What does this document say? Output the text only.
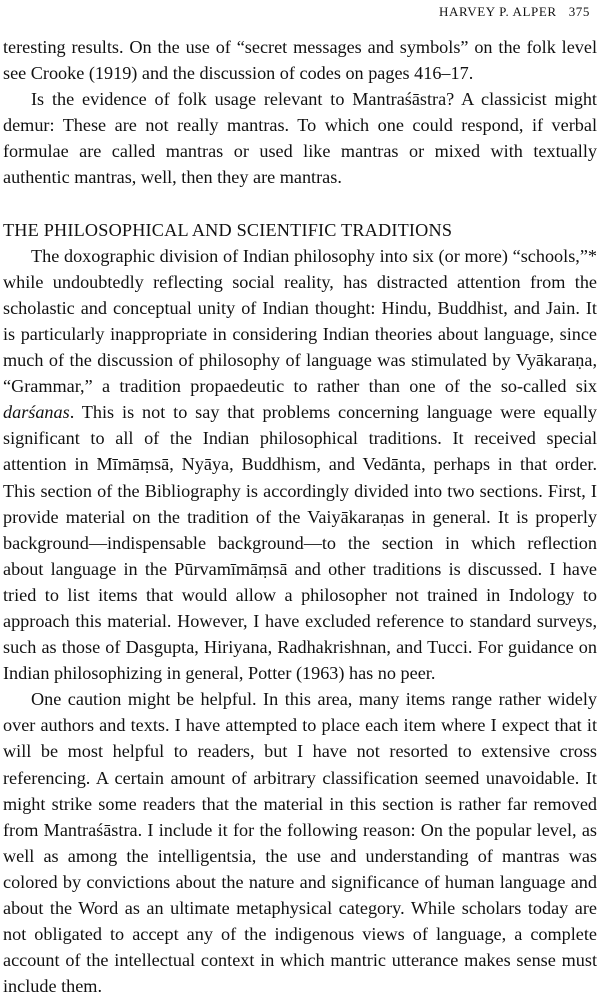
HARVEY P. ALPER 375

teresting results. On the use of “secret messages and symbols” on the folk level see Crooke (1919) and the discussion of codes on pages 416–17.

Is the evidence of folk usage relevant to Mantraśāstra? A classicist might demur: These are not really mantras. To which one could respond, if verbal formulae are called mantras or used like mantras or mixed with textually authentic mantras, well, then they are mantras.

THE PHILOSOPHICAL AND SCIENTIFIC TRADITIONS

The doxographic division of Indian philosophy into six (or more) “schools,”* while undoubtedly reflecting social reality, has distracted attention from the scholastic and conceptual unity of Indian thought: Hindu, Buddhist, and Jain. It is particularly inappropriate in considering Indian theories about language, since much of the discussion of philosophy of language was stimulated by Vyākaraṇa, “Grammar,” a tradition propaedeutic to rather than one of the so-called six darśanas. This is not to say that problems concerning language were equally significant to all of the Indian philosophical traditions. It received special attention in Mīmāṃsā, Nyāya, Buddhism, and Vedānta, perhaps in that order. This section of the Bibliography is accordingly divided into two sections. First, I provide material on the tradition of the Vaiyākaraṇas in general. It is properly background—indispensable background—to the section in which reflection about language in the Pūrvamīmāṃsā and other traditions is discussed. I have tried to list items that would allow a philosopher not trained in Indology to approach this material. However, I have excluded reference to standard surveys, such as those of Dasgupta, Hiriyana, Radhakrishnan, and Tucci. For guidance on Indian philosophizing in general, Potter (1963) has no peer.

One caution might be helpful. In this area, many items range rather widely over authors and texts. I have attempted to place each item where I expect that it will be most helpful to readers, but I have not resorted to extensive cross referencing. A certain amount of arbitrary classification seemed unavoidable. It might strike some readers that the material in this section is rather far removed from Mantraśāstra. I include it for the following reason: On the popular level, as well as among the intelligentsia, the use and understanding of mantras was colored by convictions about the nature and significance of human language and about the Word as an ultimate metaphysical category. While scholars today are not obligated to accept any of the indigenous views of language, a complete account of the intellectual context in which mantric utterance makes sense must include them.
